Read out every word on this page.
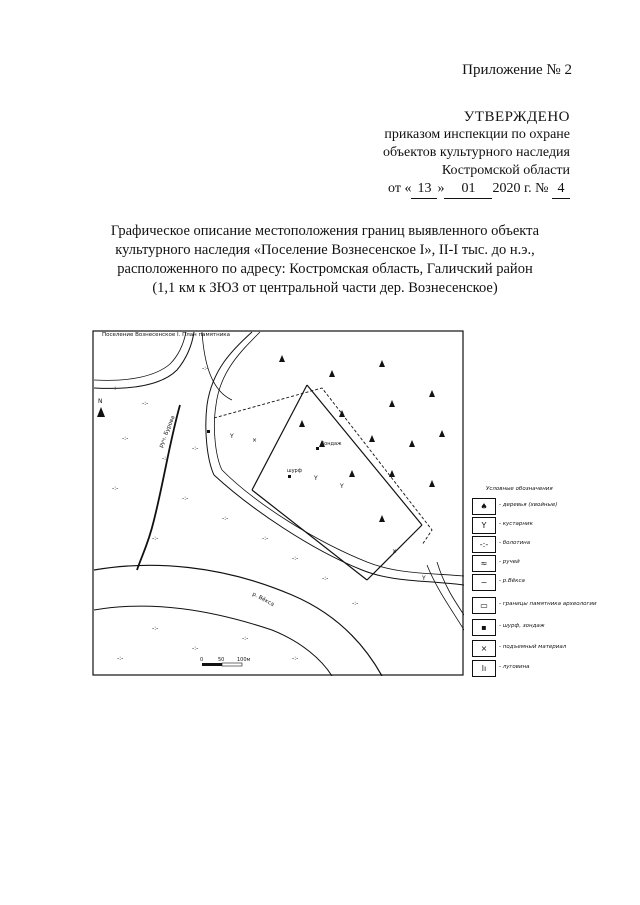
Приложение № 2
УТВЕРЖДЕНО
приказом инспекции по охране
объектов культурного наследия
Костромской области
от « 13 » 01 2020 г. № 4
Графическое описание местоположения границ выявленного объекта
культурного наследия «Поселение Вознесенское I», II-I тыс. до н.э.,
расположенного по адресу: Костромская область, Галичский район
(1,1 км к ЗЮЗ от центральной части дер. Вознесенское)
-:-
-:-
-:-
-:-
-:-
-:-
-:-
-:-
-:-
-:-
-:-
-:-
-:-
-:-
-:-
-:-
-:-
-:-
-:-
Y
Y
Y
Y
×
×
руч. Бурова
р. Вёкса
шурф
3ондаж
0	50	100м
N
Поселение Вознесенское I. План памятника
Условные обозначения
♠	- деревья (хвойные)
Y	- кустарник
-:-	- болотина
≈	- ручей
~	- р.Вёкса
▭	- границы памятника археологии
▪	- шурф, зондаж
×	- подъемный материал
lı	- луговина
